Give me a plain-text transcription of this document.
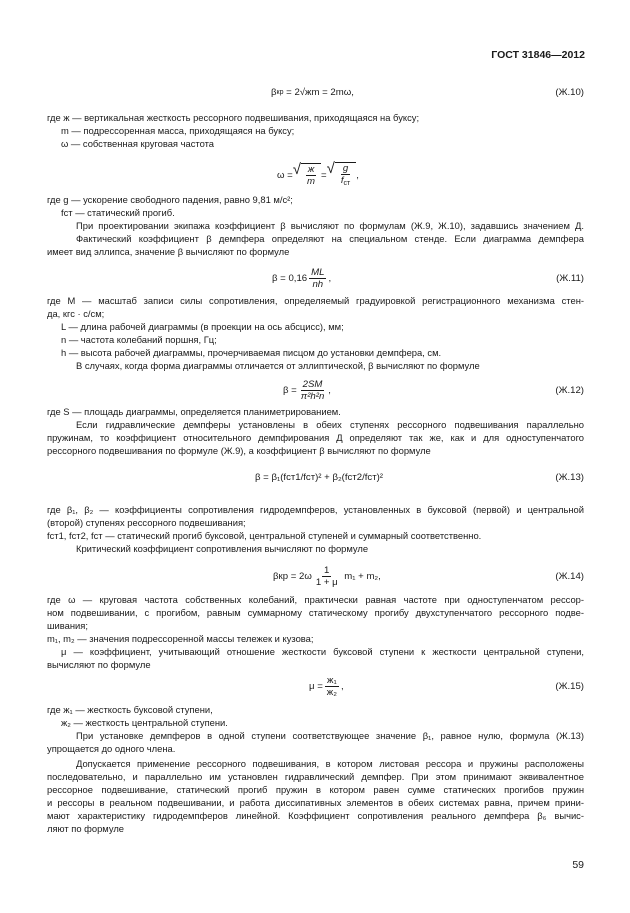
ГОСТ 31846—2012
β кр
= 2√жm = 2mω,	(Ж.10)
где ж — вертикальная жесткость рессорного подвешивания, приходящаяся на буксу;
m — подрессоренная масса, приходящаяся на буксу;
ω — собственная круговая частота
ω = √ $\frac{ж}{m}$ = √ $\frac{g}{f_{ст}}$ ,
где g — ускорение свободного падения, равно 9,81 м/с²;
fст — статический прогиб.
При проектировании экипажа коэффициент β вычисляют по формулам (Ж.9, Ж.10), задавшись значением Д.
Фактический коэффициент β демпфера определяют на специальном стенде. Если диаграмма демпфера
имеет вид эллипса, значение β вычисляют по формуле
$\beta = 0,16 \frac{ML}{nh}$ ,	(Ж.11)
где М — масштаб записи силы сопротивления, определяемый градуировкой регистрационного механизма стен-
да, кгс · с/см;
L — длина рабочей диаграммы (в проекции на ось абсцисс), мм;
n — частота колебаний поршня, Гц;
h — высота рабочей диаграммы, прочерчиваемая писцом до установки демпфера, см.
В случаях, когда форма диаграммы отличается от эллиптической, β вычисляют по формуле
$\beta = \frac{2SM}{\text{π²h²n}}$ ,	(Ж.12)
где S — площадь диаграммы, определяется планиметрированием.
Если гидравлические демпферы установлены в обеих ступенях рессорного подвешивания параллельно
пружинам, то коэффициент относительного демпфирования Д определяют так же, как и для одноступенчатого
рессорного подвешивания по формуле (Ж.9), а коэффициент β вычисляют по формуле
β = β₁(fст1/fст)² + β₂(fст2/fст)²	(Ж.13)
где β₁, β₂ — коэффициенты сопротивления гидродемпферов, установленных в буксовой (первой) и центральной
(второй) ступенях рессорного подвешивания;
fст1, fст2, fст — статический прогиб буксовой, центральной ступеней и суммарный соответственно.
Критический коэффициент сопротивления вычисляют по формуле
$\beta кр = 2\omega \frac{1}{1 + \mu}$
m₁ + m₂,	(Ж.14)
где ω — круговая частота собственных колебаний, практически равная частоте при одноступенчатом рессор-
ном подвешивании, с прогибом, равным суммарному статическому прогибу двухступенчатого рессорного подве-
шивания;
m₁, m₂ — значения подрессоренной массы тележек и кузова;
μ — коэффициент, учитывающий отношение жесткости буксовой ступени к жесткости центральной ступени,
вычисляют по формуле
$\mu = \frac{\text{ж₁}}{\text{ж₂}}$ ,	(Ж.15)
где ж₁ — жесткость буксовой ступени,
ж₂ — жесткость центральной ступени.
При установке демпферов в одной ступени соответствующее значение β₁, равное нулю, формула (Ж.13)
упрощается до одного члена.
Допускается применение рессорного подвешивания, в котором листовая рессора и пружины расположены
последовательно, и параллельно им установлен гидравлический демпфер. При этом принимают эквивалентное
рессорное подвешивание, статический прогиб пружин в котором равен сумме статических прогибов пружин
и рессоры в реальном подвешивании, и работа диссипативных элементов в обеих системах равна, причем прини-
мают характеристику гидродемпферов линейной. Коэффициент сопротивления реального демпфера β₆ вычис-
ляют по формуле
59
